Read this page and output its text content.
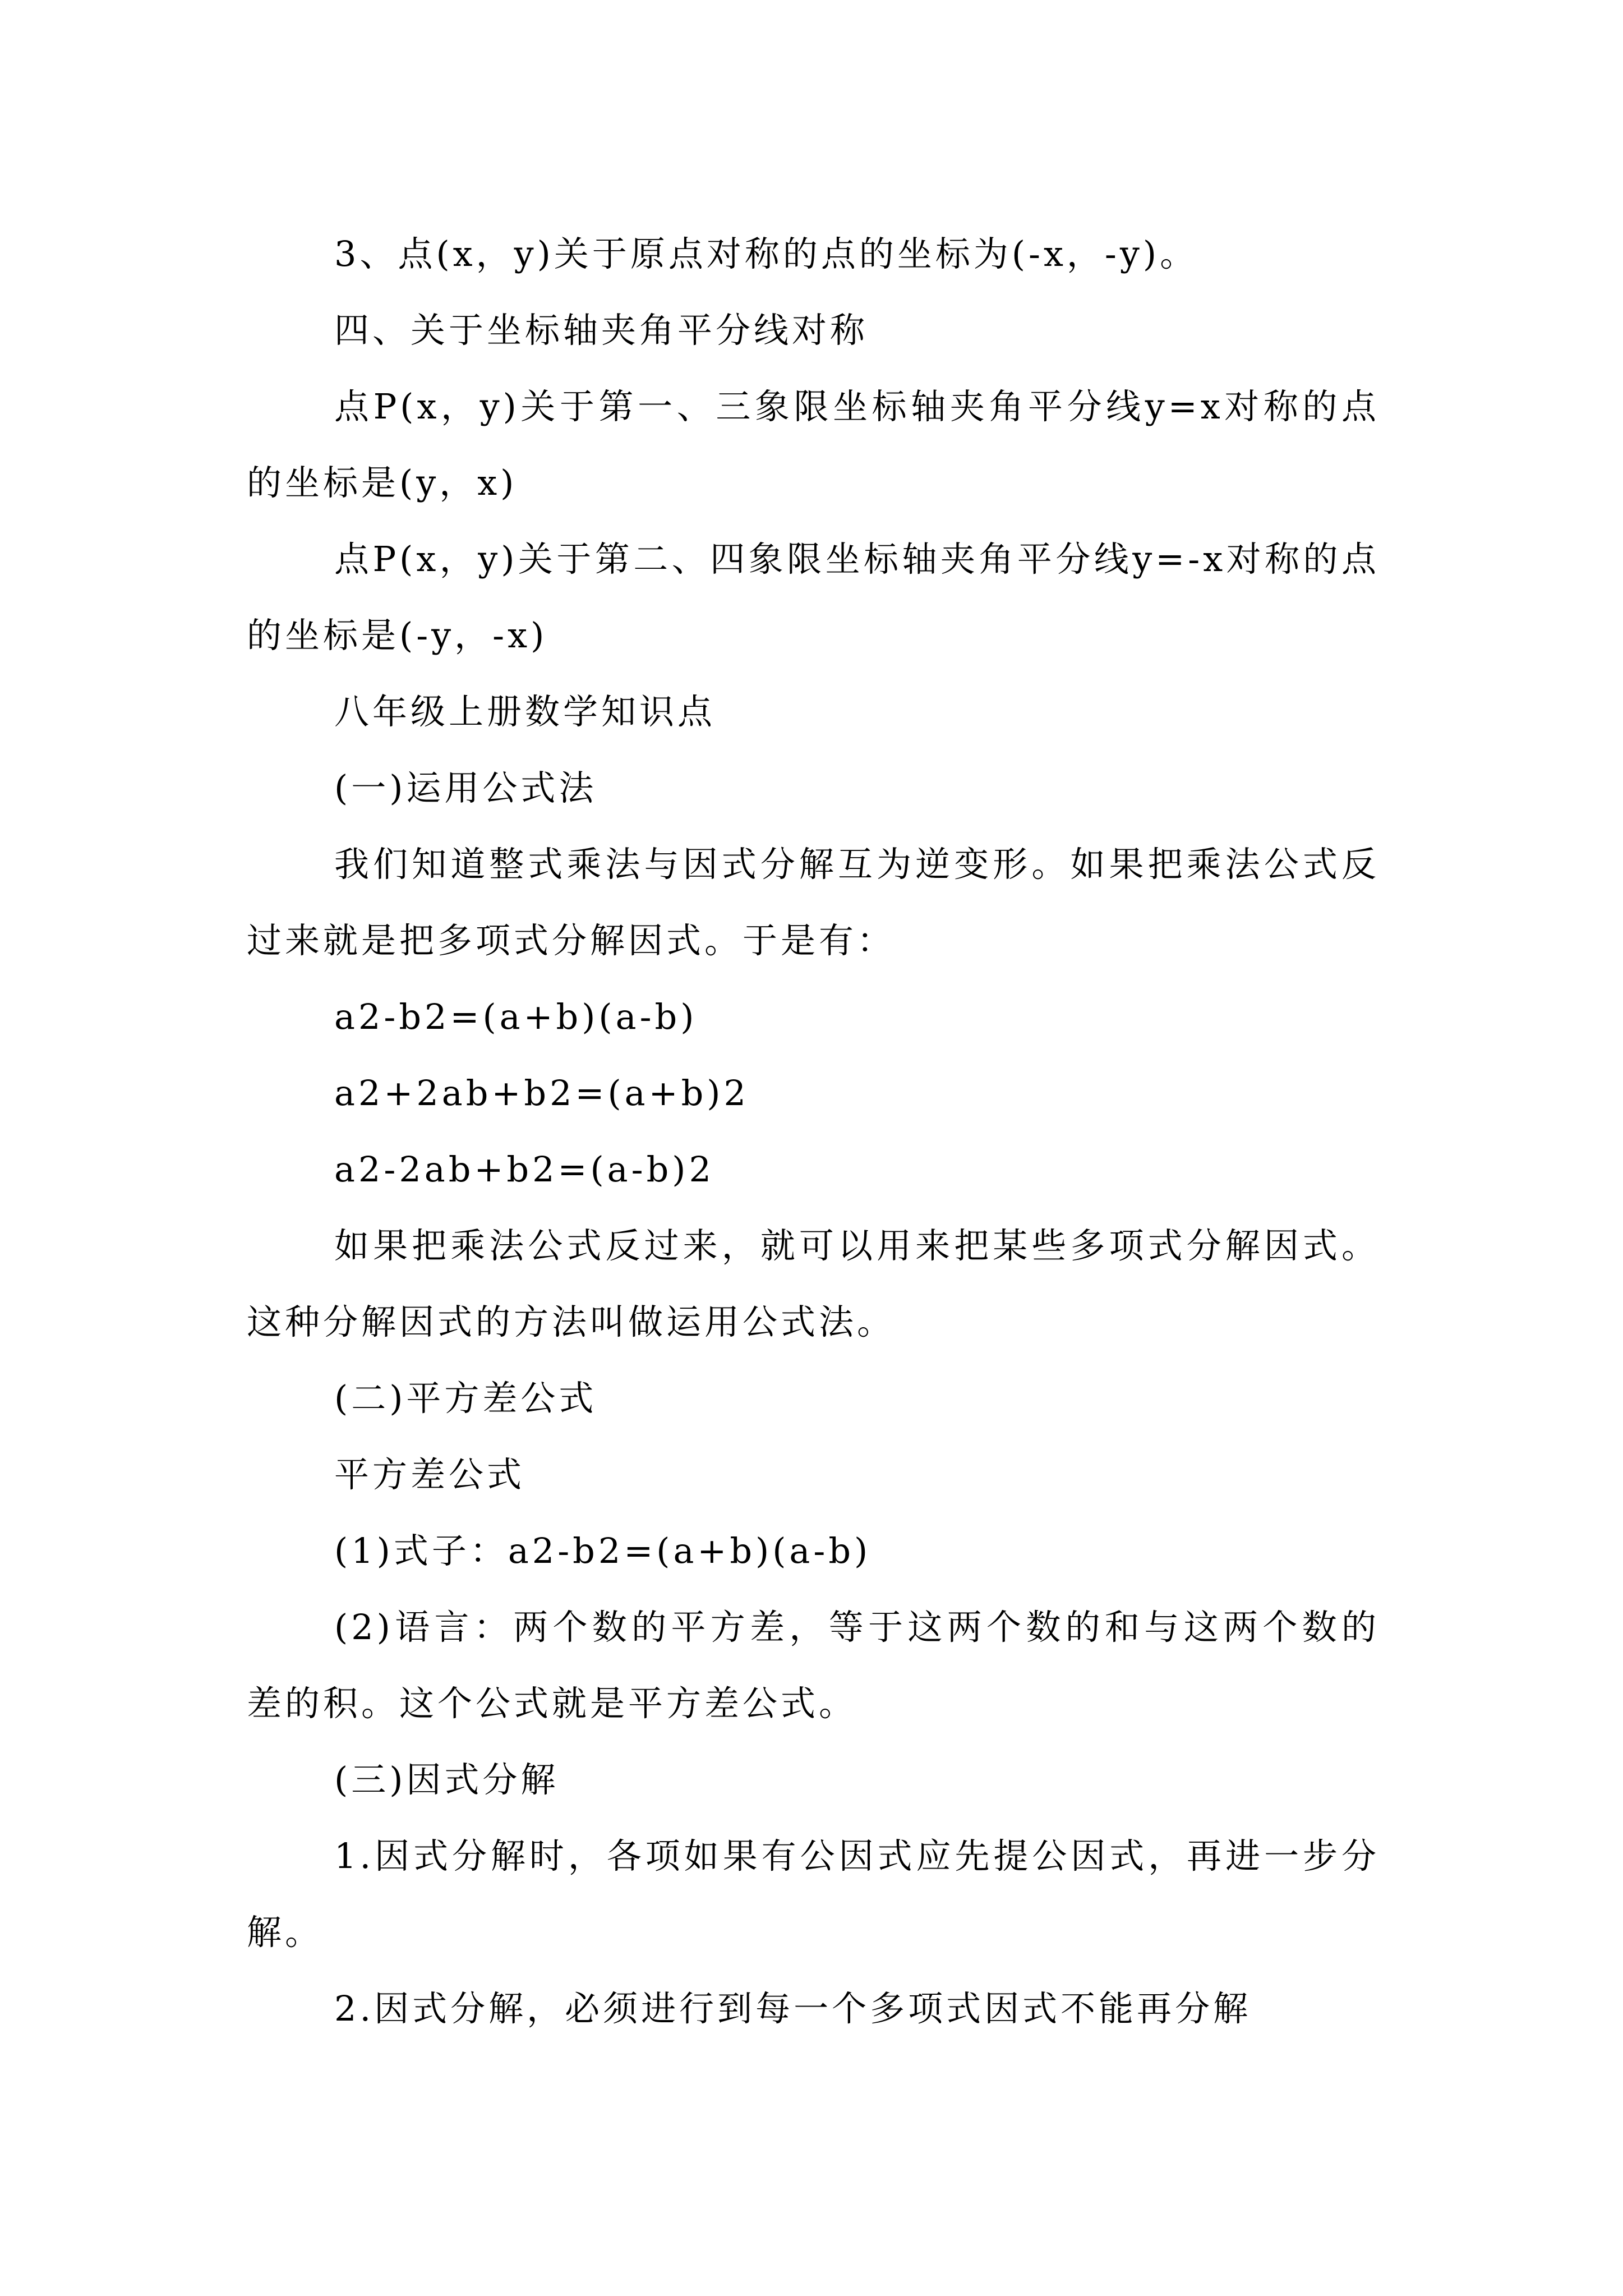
3、点(x，y)关于原点对称的点的坐标为(-x，-y)。

四、关于坐标轴夹角平分线对称

点P(x，y)关于第一、三象限坐标轴夹角平分线y=x对称的点的坐标是(y，x)

点P(x，y)关于第二、四象限坐标轴夹角平分线y=-x对称的点的坐标是(-y，-x)

八年级上册数学知识点

(一)运用公式法

我们知道整式乘法与因式分解互为逆变形。如果把乘法公式反过来就是把多项式分解因式。于是有：

a2-b2=(a+b)(a-b)

a2+2ab+b2=(a+b)2

a2-2ab+b2=(a-b)2

如果把乘法公式反过来，就可以用来把某些多项式分解因式。这种分解因式的方法叫做运用公式法。

(二)平方差公式

平方差公式

(1)式子：a2-b2=(a+b)(a-b)

(2)语言：两个数的平方差，等于这两个数的和与这两个数的差的积。这个公式就是平方差公式。

(三)因式分解

1.因式分解时，各项如果有公因式应先提公因式，再进一步分解。

2.因式分解，必须进行到每一个多项式因式不能再分解
